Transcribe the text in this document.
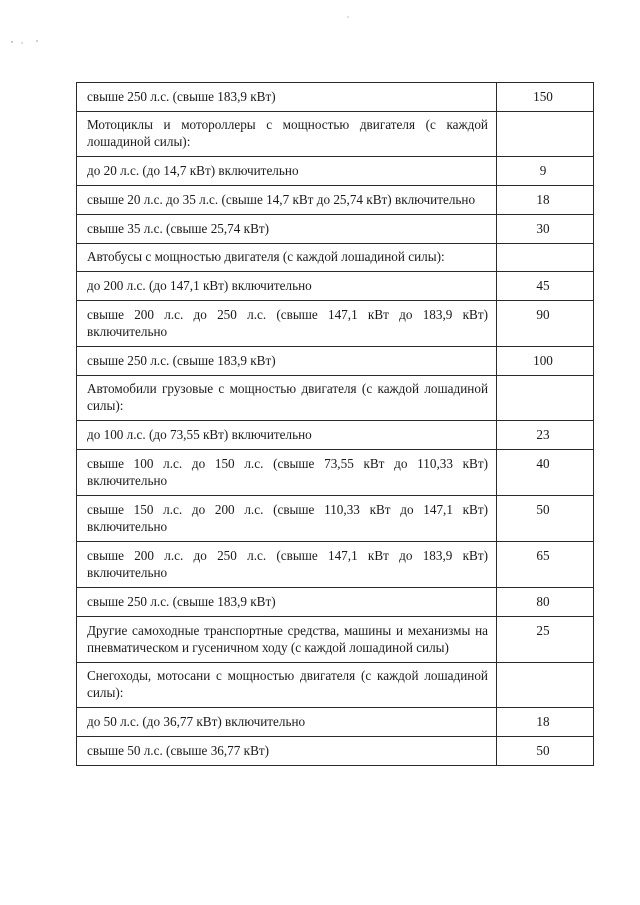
свыше 250 л.с. (свыше 183,9 кВт)	150
Мотоциклы и мотороллеры с мощностью двигателя (с каждой лошадиной силы):	
до 20 л.с. (до 14,7 кВт) включительно	9
свыше 20 л.с. до 35 л.с. (свыше 14,7 кВт до 25,74 кВт) включительно	18
свыше 35 л.с. (свыше 25,74 кВт)	30
Автобусы с мощностью двигателя (с каждой лошадиной силы):	
до 200 л.с. (до 147,1 кВт) включительно	45
свыше 200 л.с. до 250 л.с. (свыше 147,1 кВт до 183,9 кВт) включительно	90
свыше 250 л.с. (свыше 183,9 кВт)	100
Автомобили грузовые с мощностью двигателя (с каждой лошадиной силы):	
до 100 л.с. (до 73,55 кВт) включительно	23
свыше 100 л.с. до 150 л.с. (свыше 73,55 кВт до 110,33 кВт) включительно	40
свыше 150 л.с. до 200 л.с. (свыше 110,33 кВт до 147,1 кВт) включительно	50
свыше 200 л.с. до 250 л.с. (свыше 147,1 кВт до 183,9 кВт) включительно	65
свыше 250 л.с. (свыше 183,9 кВт)	80
Другие самоходные транспортные средства, машины и механизмы на пневматическом и гусеничном ходу (с каждой лошадиной силы)	25
Снегоходы, мотосани с мощностью двигателя (с каждой лошадиной силы):	
до 50 л.с. (до 36,77 кВт) включительно	18
свыше 50 л.с. (свыше 36,77 кВт)	50
